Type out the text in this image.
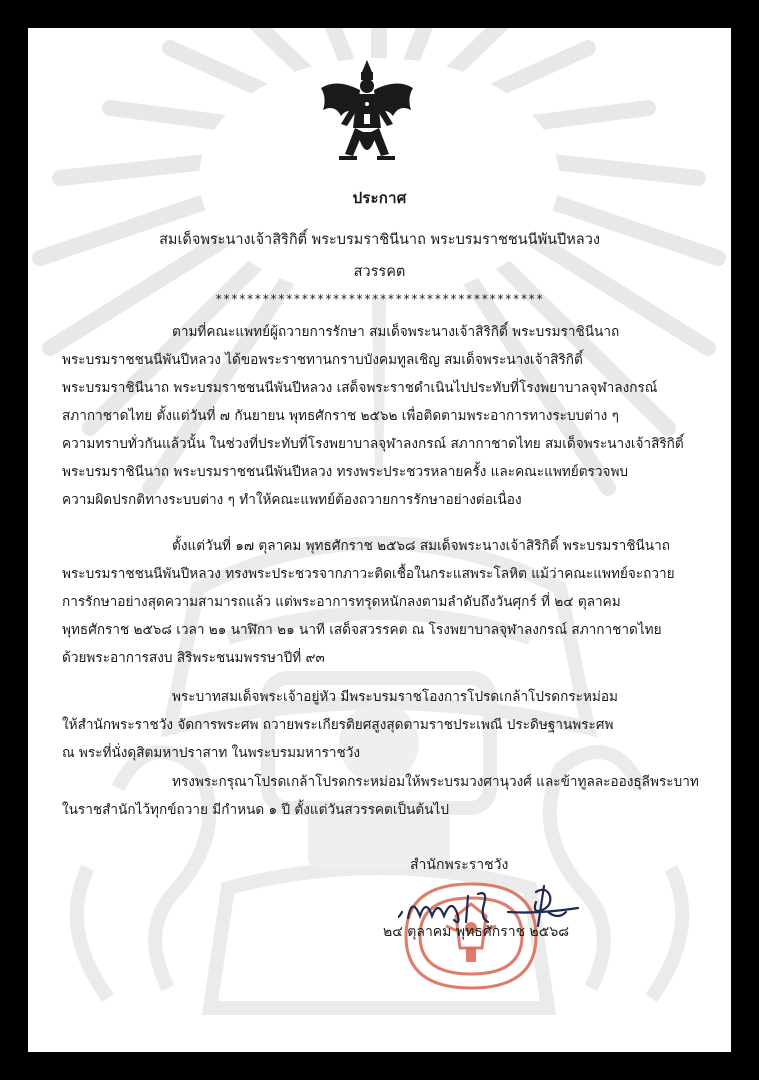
ประกาศ
สมเด็จพระนางเจ้าสิริกิติ์ พระบรมราชินีนาถ พระบรมราชชนนีพันปีหลวง
สวรรคต
******************************************
ตามที่คณะแพทย์ผู้ถวายการรักษา สมเด็จพระนางเจ้าสิริกิติ์ พระบรมราชินีนาถ
พระบรมราชชนนีพันปีหลวง ได้ขอพระราชทานกราบบังคมทูลเชิญ สมเด็จพระนางเจ้าสิริกิติ์
พระบรมราชินีนาถ พระบรมราชชนนีพันปีหลวง เสด็จพระราชดำเนินไปประทับที่โรงพยาบาลจุฬาลงกรณ์
สภากาชาดไทย ตั้งแต่วันที่ ๗ กันยายน พุทธศักราช ๒๕๖๒ เพื่อติดตามพระอาการทางระบบต่าง ๆ
ความทราบทั่วกันแล้วนั้น ในช่วงที่ประทับที่โรงพยาบาลจุฬาลงกรณ์ สภากาชาดไทย สมเด็จพระนางเจ้าสิริกิติ์
พระบรมราชินีนาถ พระบรมราชชนนีพันปีหลวง ทรงพระประชวรหลายครั้ง และคณะแพทย์ตรวจพบ
ความผิดปรกติทางระบบต่าง ๆ ทำให้คณะแพทย์ต้องถวายการรักษาอย่างต่อเนื่อง
ตั้งแต่วันที่ ๑๗ ตุลาคม พุทธศักราช ๒๕๖๘ สมเด็จพระนางเจ้าสิริกิติ์ พระบรมราชินีนาถ
พระบรมราชชนนีพันปีหลวง ทรงพระประชวรจากภาวะติดเชื้อในกระแสพระโลหิต แม้ว่าคณะแพทย์จะถวาย
การรักษาอย่างสุดความสามารถแล้ว แต่พระอาการทรุดหนักลงตามลำดับถึงวันศุกร์ ที่ ๒๔ ตุลาคม
พุทธศักราช ๒๕๖๘ เวลา ๒๑ นาฬิกา ๒๑ นาที เสด็จสวรรคต ณ โรงพยาบาลจุฬาลงกรณ์ สภากาชาดไทย
ด้วยพระอาการสงบ สิริพระชนมพรรษาปีที่ ๙๓
พระบาทสมเด็จพระเจ้าอยู่หัว มีพระบรมราชโองการโปรดเกล้าโปรดกระหม่อม
ให้สำนักพระราชวัง จัดการพระศพ ถวายพระเกียรติยศสูงสุดตามราชประเพณี ประดิษฐานพระศพ
ณ พระที่นั่งดุสิตมหาปราสาท ในพระบรมมหาราชวัง
ทรงพระกรุณาโปรดเกล้าโปรดกระหม่อมให้พระบรมวงศานุวงศ์ และข้าทูลละอองธุลีพระบาท
ในราชสำนักไว้ทุกข์ถวาย มีกำหนด ๑ ปี ตั้งแต่วันสวรรคตเป็นต้นไป
สำนักพระราชวัง
๒๔ ตุลาคม พุทธศักราช ๒๕๖๘
